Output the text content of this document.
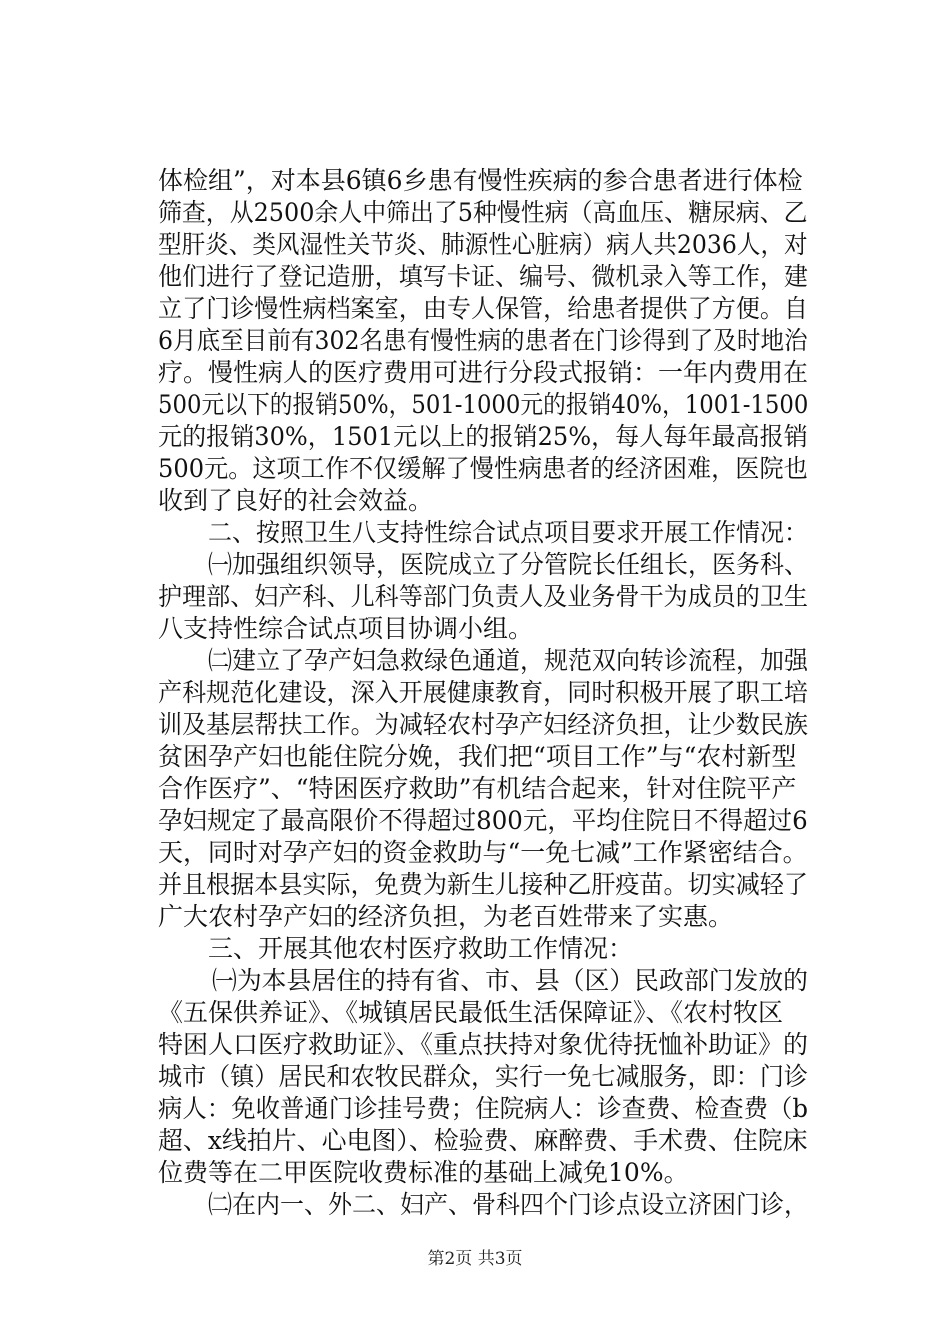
体检组”，对本县6镇6乡患有慢性疾病的参合患者进行体检
筛查，从2500余人中筛出了5种慢性病（高血压、糖尿病、乙
型肝炎、类风湿性关节炎、肺源性心脏病）病人共2036人，对
他们进行了登记造册，填写卡证、编号、微机录入等工作，建
立了门诊慢性病档案室，由专人保管，给患者提供了方便。自
6月底至目前有302名患有慢性病的患者在门诊得到了及时地治
疗。慢性病人的医疗费用可进行分段式报销：一年内费用在
500元以下的报销50%，501-1000元的报销40%，1001-1500
元的报销30%，1501元以上的报销25%，每人每年最高报销
500元。这项工作不仅缓解了慢性病患者的经济困难，医院也
收到了良好的社会效益。
二、按照卫生八支持性综合试点项目要求开展工作情况：
㈠加强组织领导，医院成立了分管院长任组长，医务科、
护理部、妇产科、儿科等部门负责人及业务骨干为成员的卫生
八支持性综合试点项目协调小组。
㈡建立了孕产妇急救绿色通道，规范双向转诊流程，加强
产科规范化建设，深入开展健康教育，同时积极开展了职工培
训及基层帮扶工作。为减轻农村孕产妇经济负担，让少数民族
贫困孕产妇也能住院分娩，我们把“项目工作”与“农村新型
合作医疗”、“特困医疗救助”有机结合起来，针对住院平产
孕妇规定了最高限价不得超过800元，平均住院日不得超过6
天，同时对孕产妇的资金救助与“一免七减”工作紧密结合。
并且根据本县实际，免费为新生儿接种乙肝疫苗。切实减轻了
广大农村孕产妇的经济负担，为老百姓带来了实惠。
三、开展其他农村医疗救助工作情况：
㈠为本县居住的持有省、市、县（区）民政部门发放的
《五保供养证》、《城镇居民最低生活保障证》、《农村牧区
特困人口医疗救助证》、《重点扶持对象优待抚恤补助证》的
城市（镇）居民和农牧民群众，实行一免七减服务，即：门诊
病人：免收普通门诊挂号费；住院病人：诊查费、检查费（b
超、x线拍片、心电图）、检验费、麻醉费、手术费、住院床
位费等在二甲医院收费标准的基础上减免10%。
㈡在内一、外二、妇产、骨科四个门诊点设立济困门诊，
第2页 共3页
